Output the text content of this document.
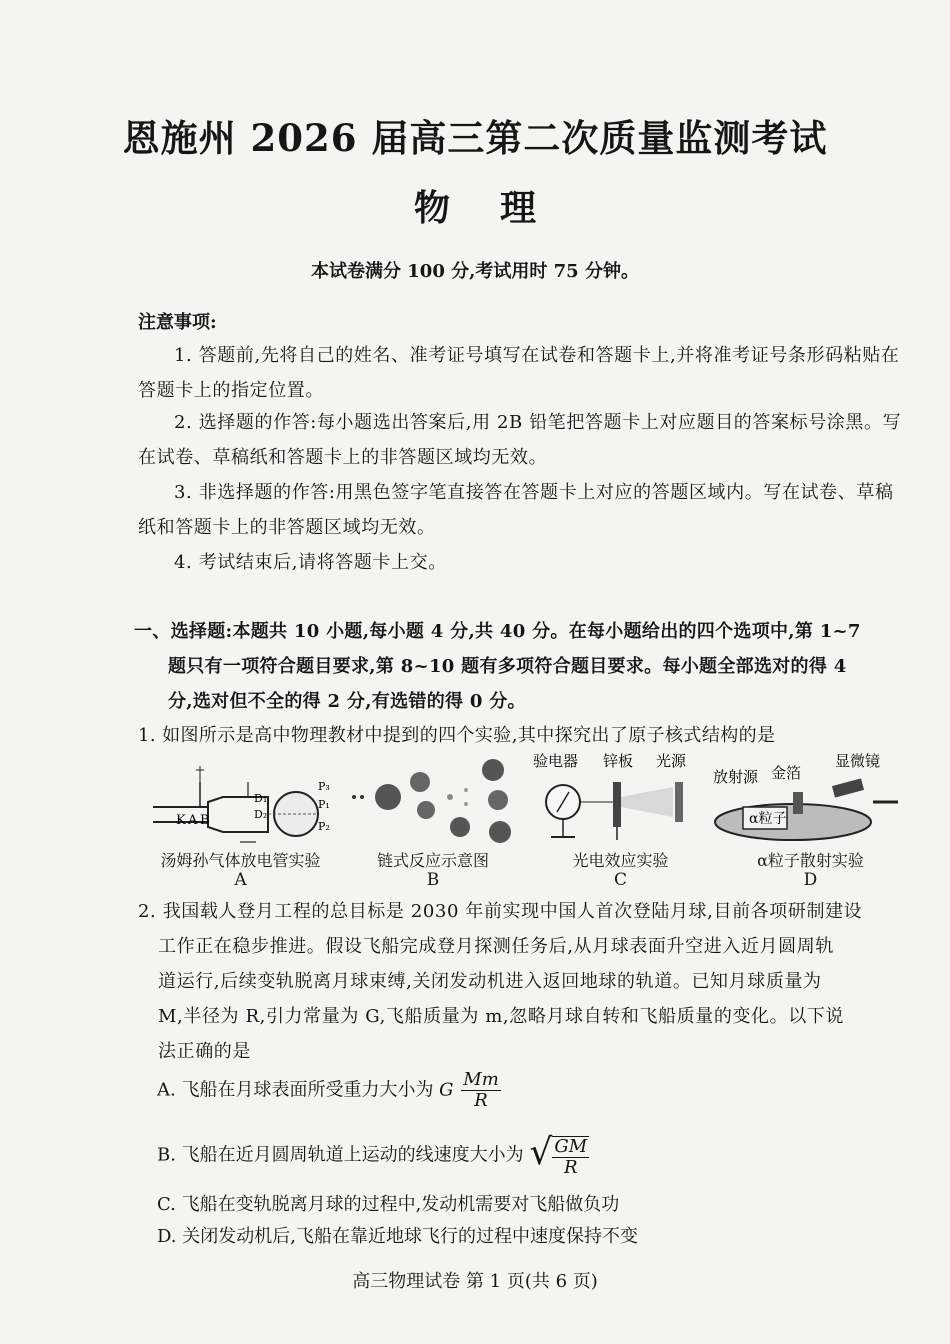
恩施州 2026 届高三第二次质量监测考试
物理
本试卷满分 100 分,考试用时 75 分钟。
注意事项:
1. 答题前,先将自己的姓名、准考证号填写在试卷和答题卡上,并将准考证号条形码粘贴在答题卡上的指定位置。
2. 选择题的作答:每小题选出答案后,用 2B 铅笔把答题卡上对应题目的答案标号涂黑。写在试卷、草稿纸和答题卡上的非答题区域均无效。
3. 非选择题的作答:用黑色签字笔直接答在答题卡上对应的答题区域内。写在试卷、草稿纸和答题卡上的非答题区域均无效。
4. 考试结束后,请将答题卡上交。
一、选择题:本题共 10 小题,每小题 4 分,共 40 分。在每小题给出的四个选项中,第 1~7
题只有一项符合题目要求,第 8~10 题有多项符合题目要求。每小题全部选对的得 4
分,选对但不全的得 2 分,有选错的得 0 分。
1. 如图所示是高中物理教材中提到的四个实验,其中探究出了原子核式结构的是
K A B
D₁
D₂
P₁
P₂
P₃
汤姆孙气体放电管实验
A
链式反应示意图
B
验电器 锌板 光源
光电效应实验
C
放射源 金箔
显微镜
α粒子
α粒子散射实验
D
2. 我国载人登月工程的总目标是 2030 年前实现中国人首次登陆月球,目前各项研制建设
工作正在稳步推进。假设飞船完成登月探测任务后,从月球表面升空进入近月圆周轨
道运行,后续变轨脱离月球束缚,关闭发动机进入返回地球的轨道。已知月球质量为
M,半径为 R,引力常量为 G,飞船质量为 m,忽略月球自转和飞船质量的变化。以下说
法正确的是
A. 飞船在月球表面所受重力大小为 G $\frac{Mm}{R}$
B. 飞船在近月圆周轨道上运动的线速度大小为 √ $\frac{GM}{R}$
C. 飞船在变轨脱离月球的过程中,发动机需要对飞船做负功
D. 关闭发动机后,飞船在靠近地球飞行的过程中速度保持不变
高三物理试卷 第 1 页(共 6 页)
